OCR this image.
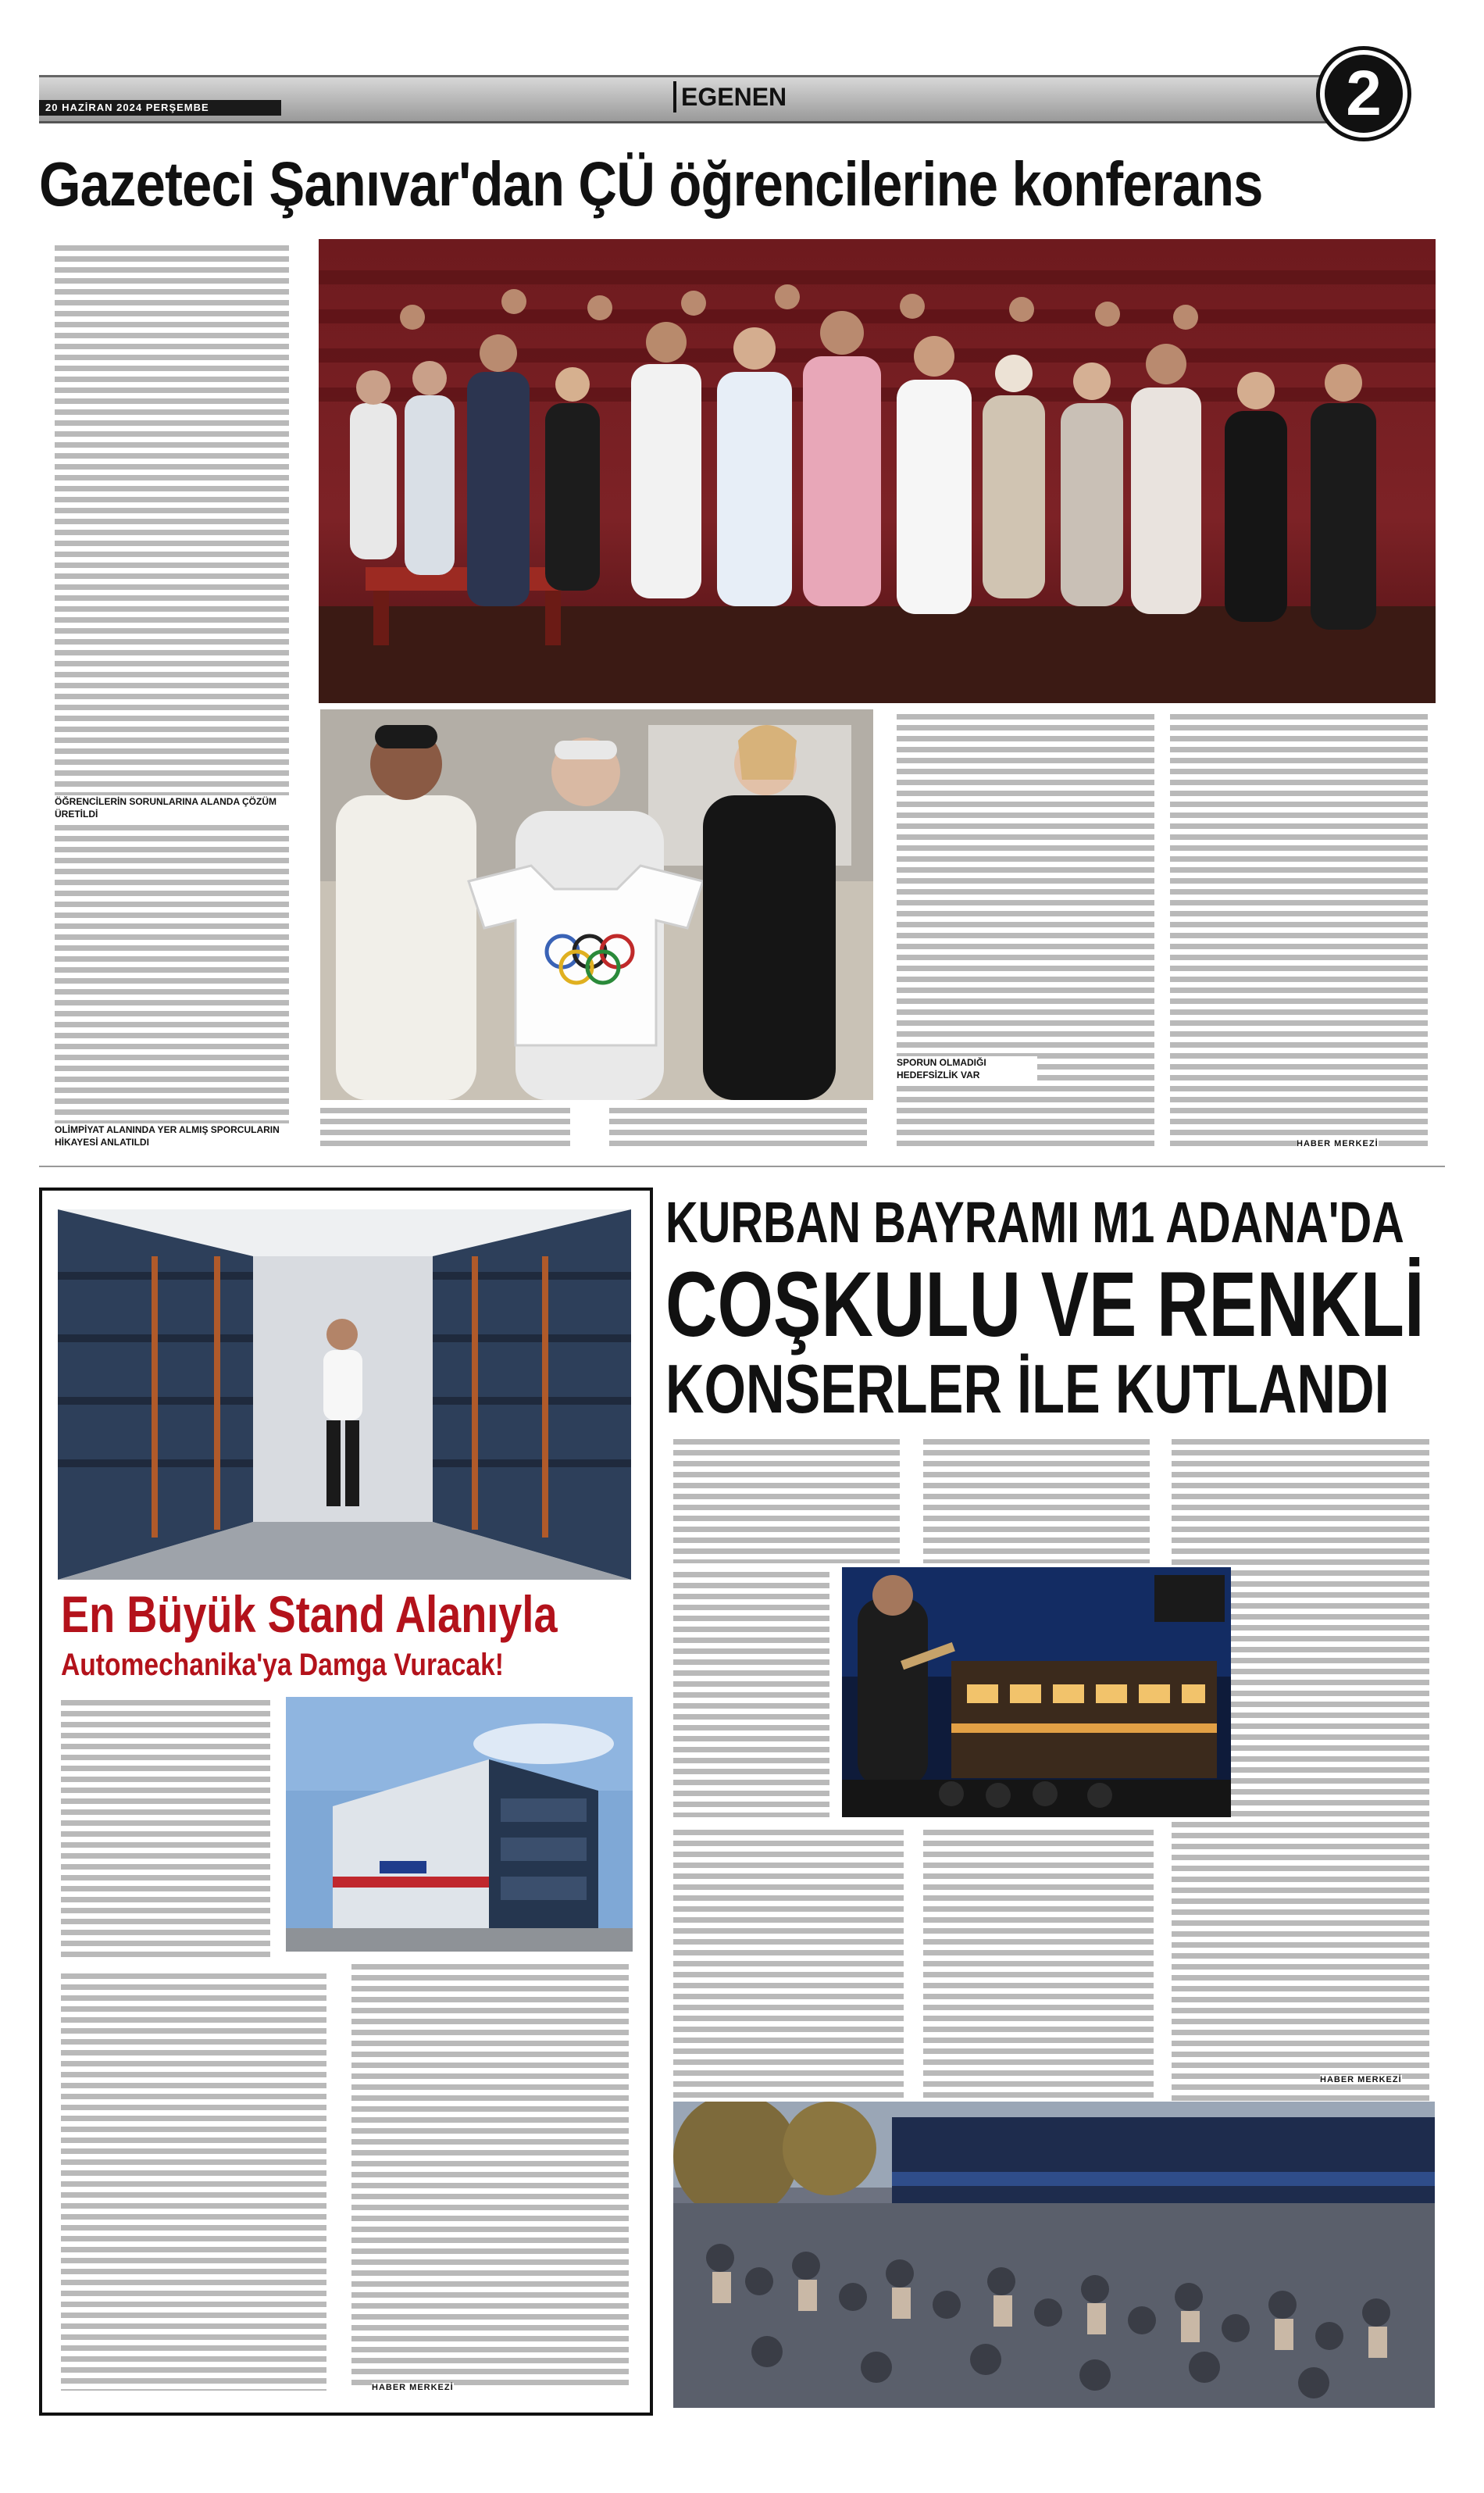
20 HAZİRAN 2024 PERŞEMBE	EGENEN	2
Gazeteci Şanıvar'dan ÇÜ öğrencilerine konferans
ÖĞRENCİLERİN SORUNLARINA ALANDA ÇÖZÜM ÜRETİLDİ
OLİMPİYAT ALANINDA YER ALMIŞ SPORCULARIN HİKAYESİ ANLATILDI
SPORUN OLMADIĞI HEDEFSİZLİK VAR
HABER MERKEZİ
En Büyük Stand Alanıyla
Automechanika'ya Damga Vuracak!
HABER MERKEZİ
KURBAN BAYRAMI M1 ADANA'DA
COŞKULU VE RENKLİ
KONSERLER İLE KUTLANDI
HABER MERKEZİ
